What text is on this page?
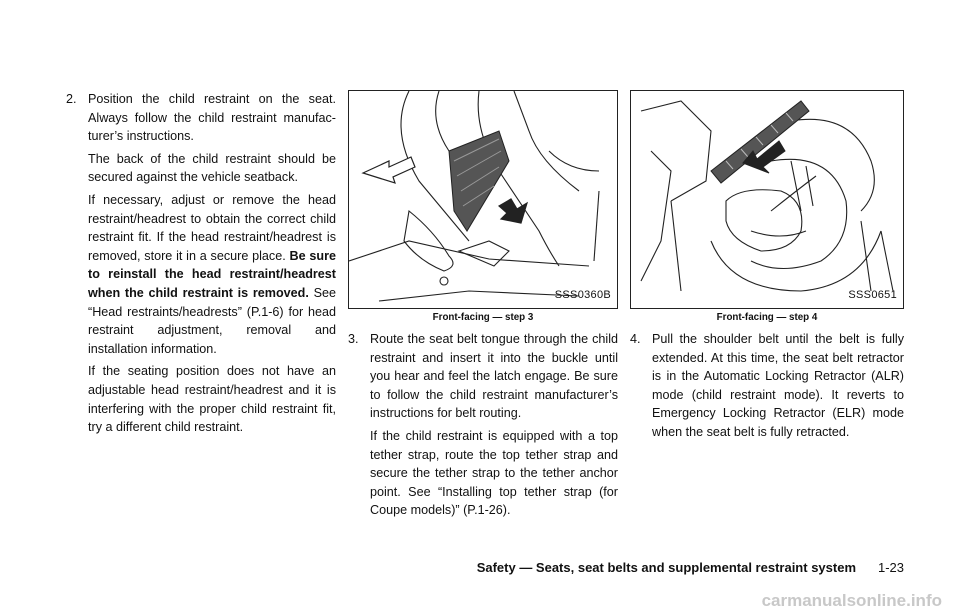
2. Position the child restraint on the seat. Always follow the child restraint manufac-turer’s instructions.

The back of the child restraint should be secured against the vehicle seatback.

If necessary, adjust or remove the head restraint/headrest to obtain the correct child restraint fit. If the head restraint/headrest is removed, store it in a secure place. Be sure to reinstall the head restraint/headrest when the child restraint is removed. See “Head restraints/headrests” (P.1-6) for head restraint adjustment, removal and installation information.

If the seating position does not have an adjustable head restraint/headrest and it is interfering with the proper child restraint fit, try a different child restraint.

SSS0360B

Front-facing — step 3

3. Route the seat belt tongue through the child restraint and insert it into the buckle until you hear and feel the latch engage. Be sure to follow the child restraint manufacturer’s instructions for belt routing.

If the child restraint is equipped with a top tether strap, route the top tether strap and secure the tether strap to the tether anchor point. See “Installing top tether strap (for Coupe models)” (P.1-26).

SSS0651

Front-facing — step 4

4. Pull the shoulder belt until the belt is fully extended. At this time, the seat belt retractor is in the Automatic Locking Retractor (ALR) mode (child restraint mode). It reverts to Emergency Locking Retractor (ELR) mode when the seat belt is fully retracted.
Safety — Seats, seat belts and supplemental restraint system 1-23
carmanualsonline.info
